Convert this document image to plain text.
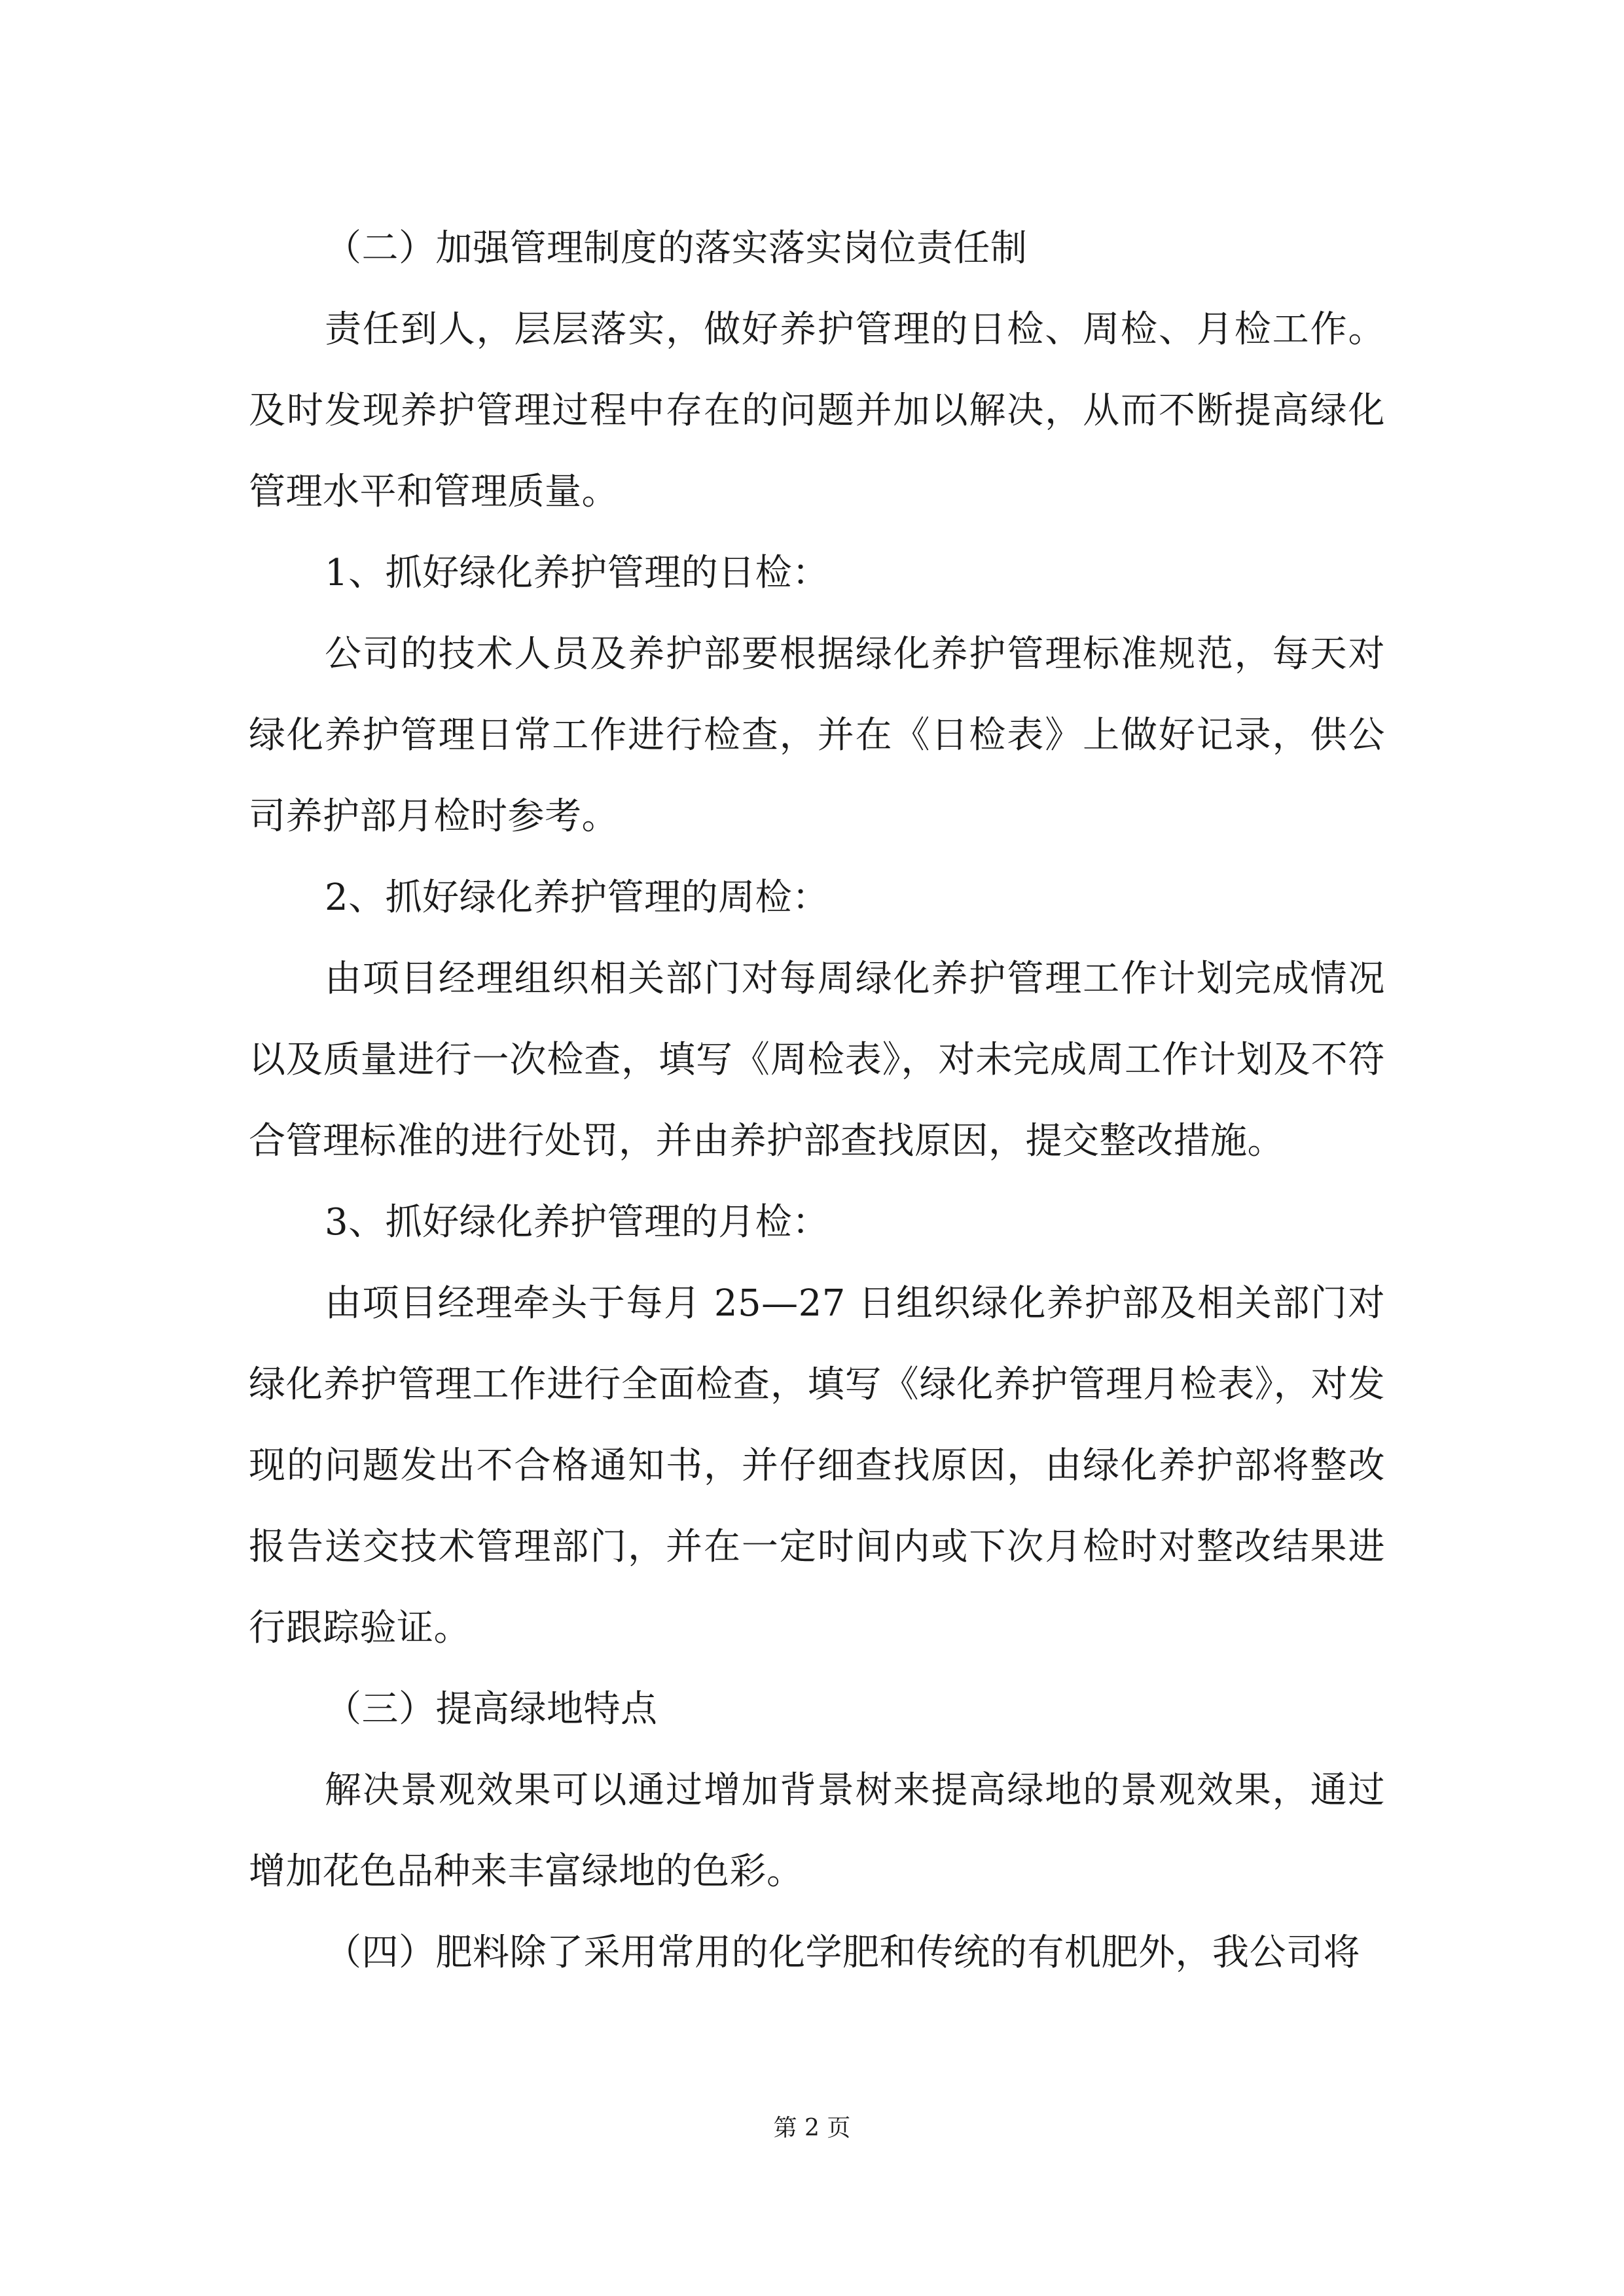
（二）加强管理制度的落实落实岗位责任制

责任到人，层层落实，做好养护管理的日检、周检、月检工作。及时发现养护管理过程中存在的问题并加以解决，从而不断提高绿化管理水平和管理质量。

1、抓好绿化养护管理的日检：

公司的技术人员及养护部要根据绿化养护管理标准规范，每天对绿化养护管理日常工作进行检查，并在《日检表》上做好记录，供公司养护部月检时参考。

2、抓好绿化养护管理的周检：

由项目经理组织相关部门对每周绿化养护管理工作计划完成情况以及质量进行一次检查，填写《周检表》，对未完成周工作计划及不符合管理标准的进行处罚，并由养护部查找原因，提交整改措施。

3、抓好绿化养护管理的月检：

由项目经理牵头于每月 25—27 日组织绿化养护部及相关部门对绿化养护管理工作进行全面检查，填写《绿化养护管理月检表》，对发现的问题发出不合格通知书，并仔细查找原因，由绿化养护部将整改报告送交技术管理部门，并在一定时间内或下次月检时对整改结果进行跟踪验证。

（三）提高绿地特点

解决景观效果可以通过增加背景树来提高绿地的景观效果，通过增加花色品种来丰富绿地的色彩。

（四）肥料除了采用常用的化学肥和传统的有机肥外，我公司将

第 2 页
